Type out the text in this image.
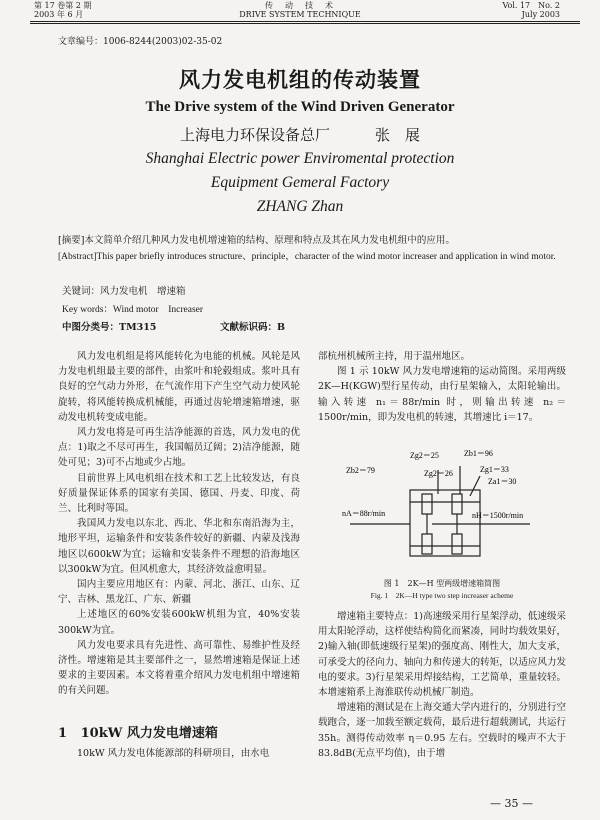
第 17 卷第 2 期
2003 年 6 月
传　动　技　术
DRIVE SYSTEM TECHNIQUE
Vol. 17　No. 2
July 2003
文章编号：1006-8244(2003)02-35-02
风力发电机组的传动装置
The Drive system of the Wind Driven Generator
上海电力环保设备总厂　　　张　展
Shanghai Electric power Enviromental protection
Equipment Gemeral Factory
ZHANG Zhan
[摘要]本文简单介绍几种风力发电机增速箱的结构、原理和特点及其在风力发电机组中的应用。
[Abstract]This paper briefly introduces structure、principle，character of the wind motor increaser and application in wind motor.
关键词：风力发电机　增速箱
Key words：Wind motor　Increaser
中图分类号：TM315	文献标识码：B

风力发电机组是将风能转化为电能的机械。风轮是风力发电机组最主要的部件，由浆叶和轮毂组成。浆叶具有良好的空气动力外形，在气流作用下产生空气动力使风轮旋转，将风能转换成机械能，再通过齿轮增速箱增速，驱动发电机转变成电能。

风力发电将是可再生洁净能源的首选，风力发电的优点：1)取之不尽可再生，我国幅员辽阔；2)洁净能源，随处可见；3)可不占地或少占地。

目前世界上风电机组在技术和工艺上比较发达，有良好质量保证体系的国家有美国、德国、丹麦、印度、荷兰、比利时等国。

我国风力发电以东北、西北、华北和东南沿海为主，地形平坦，运输条件和安装条件较好的新疆、内蒙及浅海地区以600kW为宜；运输和安装条件不理想的沿海地区以300kW为宜。但风机愈大，其经济效益愈明显。

国内主要应用地区有：内蒙、河北、浙江、山东、辽宁、吉林、黑龙江、广东、新疆

上述地区的60%安装600kW机组为宜，40%安装300kW为宜。

风力发电要求具有先进性、高可靠性、易维护性及经济性。增速箱是其主要部件之一，显然增速箱是保证上述要求的主要因素。本文将着重介绍风力发电机组中增速箱的有关问题。

1 10kW 风力发电增速箱

10kW 风力发电体能源部的科研项目，由水电

部杭州机械所主持，用于温州地区。

图 1 示 10kW 风力发电增速箱的运动简图。采用两级 2K—H(KGW)型行星传动，由行星架输入，太阳轮输出。输入转速 n₁＝88r/min 时，则输出转速 n₂＝1500r/min，即为发电机的转速，其增速比 i＝17。

Zb2＝79
Zg2＝25	Zb1＝96
Zg2＝26	Zg1＝33
Za1＝30
nA＝88r/min	nH＝1500r/min
图 1　2K—H 型两级增速箱简图
Fig. 1　2K—H type two step increaser acheme

增速箱主要特点：1)高速级采用行星架浮动，低速级采用太阳轮浮动，这样使结构简化而紧凑，同时均载效果好，2)输入轴(即低速级行星架)的强度高、刚性大，加大支承，可承受大的径向力、轴向力和传递大的转矩，以适应风力发电的要求。3)行星架采用焊接结构，工艺简单，重量较轻。本增速箱系上海淮联传动机械厂制造。

增速箱的测试是在上海交通大学内进行的，分别进行空载跑合，逐一加载至额定载荷，最后进行超载测试，共运行 35h。测得传动效率 η＝0.95 左右。空载时的噪声不大于 83.8dB(无点平均值)，由于增

— 35 —
